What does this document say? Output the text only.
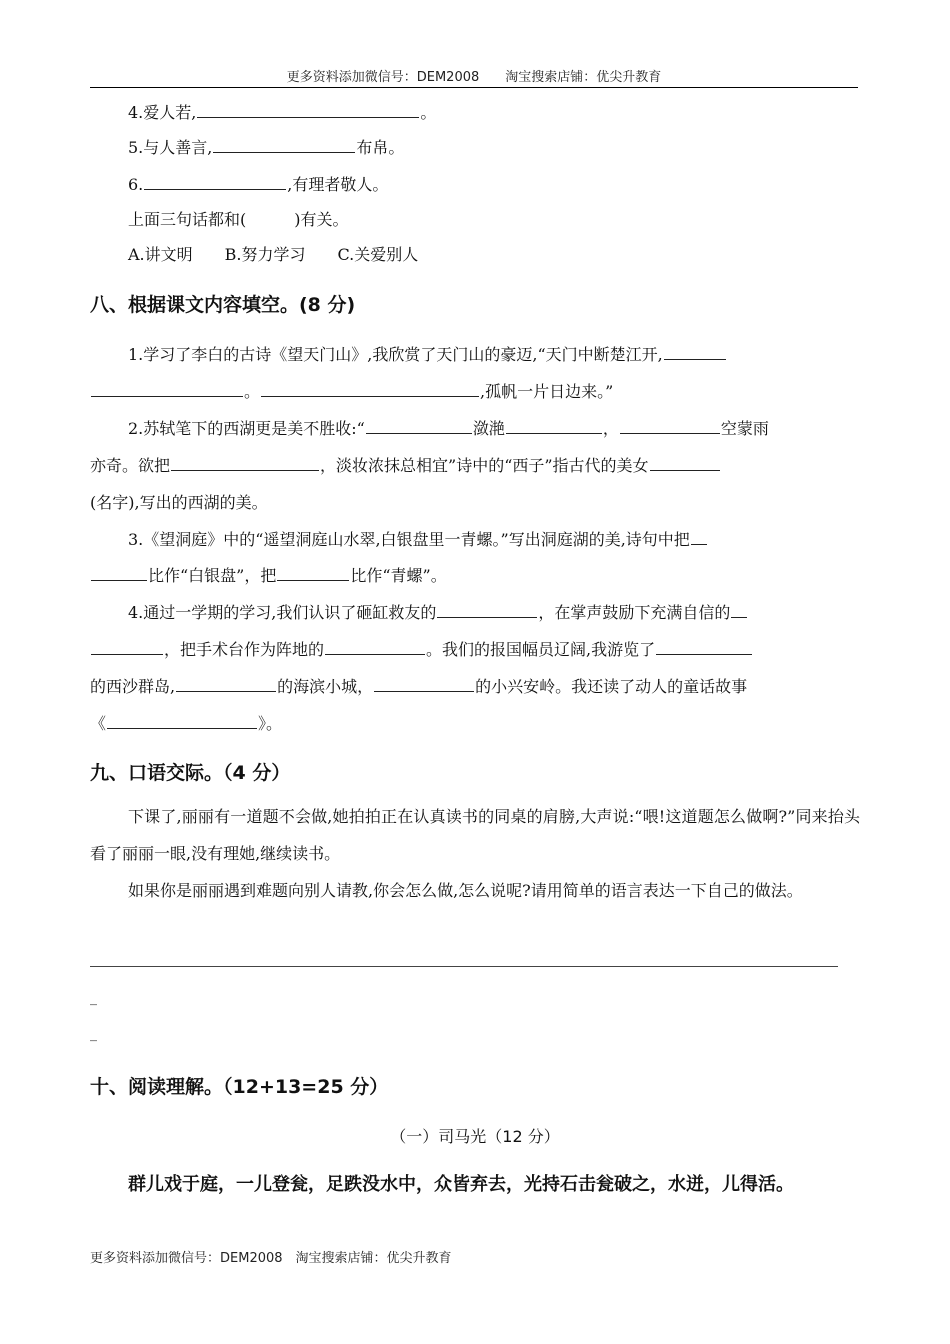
更多资料添加微信号：DEM2008　　淘宝搜索店铺：优尖升教育
4.爱人若,	。
5.与人善言,	布帛。
6.	,有理者敬人。
上面三句话都和(　　　)有关。
A.讲文明　　B.努力学习　　C.关爱别人
八、根据课文内容填空。(8 分)
1.学习了李白的古诗《望天门山》,我欣赏了天门山的豪迈,“天门中断楚江开,
。	,孤帆一片日边来。”
2.苏轼笔下的西湖更是美不胜收:“	潋滟	，	空蒙雨
亦奇。欲把	，淡妆浓抹总相宜”诗中的“西子”指古代的美女
(名字),写出的西湖的美。
3.《望洞庭》中的“遥望洞庭山水翠,白银盘里一青螺。”写出洞庭湖的美,诗句中把
比作“白银盘”，把	比作“青螺”。
4.通过一学期的学习,我们认识了砸缸救友的	，在掌声鼓励下充满自信的
，把手术台作为阵地的	。我们的报国幅员辽阔,我游览了
的西沙群岛,	的海滨小城，	的小兴安岭。我还读了动人的童话故事
《	》。
九、口语交际。（4 分）
下课了,丽丽有一道题不会做,她拍拍正在认真读书的同桌的肩膀,大声说:“喂!这道题怎么做啊?”同来抬头看了丽丽一眼,没有理她,继续读书。
如果你是丽丽遇到难题向别人请教,你会怎么做,怎么说呢?请用简单的语言表达一下自己的做法。
_
_
十、阅读理解。（12+13=25 分）
（一）司马光（12 分）
群儿戏于庭，一儿登瓮，足跌没水中，众皆弃去，光持石击瓮破之，水迸，儿得活。
更多资料添加微信号：DEM2008　淘宝搜索店铺：优尖升教育
